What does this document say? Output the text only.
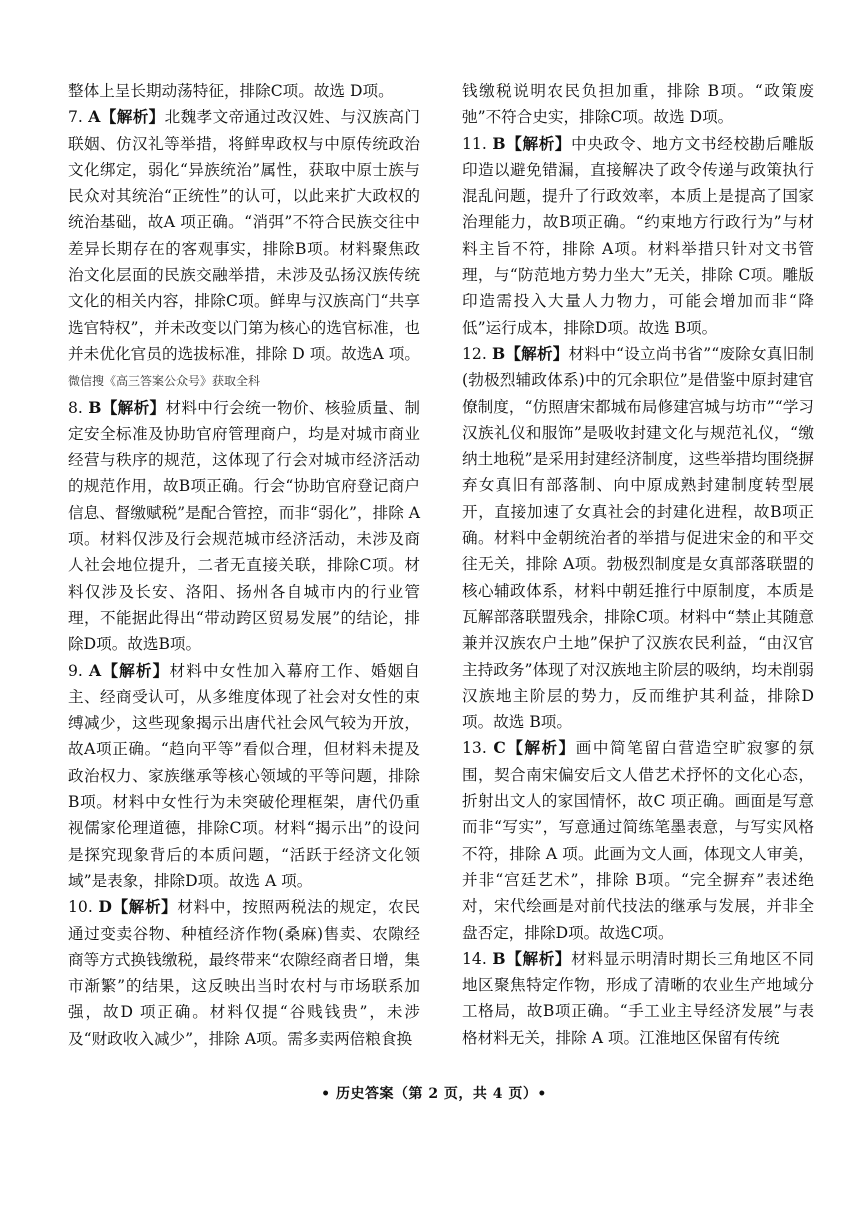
整体上呈长期动荡特征，排除C项。故选 D项。

7. A【解析】北魏孝文帝通过改汉姓、与汉族高门联姻、仿汉礼等举措，将鲜卑政权与中原传统政治文化绑定，弱化“异族统治”属性，获取中原士族与民众对其统治“正统性”的认可，以此来扩大政权的统治基础，故A 项正确。“消弭”不符合民族交往中差异长期存在的客观事实，排除B项。材料聚焦政治文化层面的民族交融举措，未涉及弘扬汉族传统文化的相关内容，排除C项。鲜卑与汉族高门“共享选官特权”，并未改变以门第为核心的选官标准，也并未优化官员的选拔标准，排除 D 项。故选A 项。微信搜《高三答案公众号》获取全科

8. B【解析】材料中行会统一物价、核验质量、制定安全标准及协助官府管理商户，均是对城市商业经营与秩序的规范，这体现了行会对城市经济活动的规范作用，故B项正确。行会“协助官府登记商户信息、督缴赋税”是配合管控，而非“弱化”，排除 A项。材料仅涉及行会规范城市经济活动，未涉及商人社会地位提升，二者无直接关联，排除C项。材料仅涉及长安、洛阳、扬州各自城市内的行业管理，不能据此得出“带动跨区贸易发展”的结论，排除D项。故选B项。

9. A【解析】材料中女性加入幕府工作、婚姻自主、经商受认可，从多维度体现了社会对女性的束缚减少，这些现象揭示出唐代社会风气较为开放，故A项正确。“趋向平等”看似合理，但材料未提及政治权力、家族继承等核心领域的平等问题，排除B项。材料中女性行为未突破伦理框架，唐代仍重视儒家伦理道德，排除C项。材料“揭示出”的设问是探究现象背后的本质问题，“活跃于经济文化领域”是表象，排除D项。故选 A 项。

10. D【解析】材料中，按照两税法的规定，农民通过变卖谷物、种植经济作物(桑麻)售卖、农隙经商等方式换钱缴税，最终带来“农隙经商者日增，集市渐繁”的结果，这反映出当时农村与市场联系加强，故D 项正确。材料仅提“谷贱钱贵”，未涉及“财政收入减少”，排除 A项。需多卖两倍粮食换

钱缴税说明农民负担加重，排除 B项。“政策废弛”不符合史实，排除C项。故选 D项。

11. B【解析】中央政令、地方文书经校勘后雕版印造以避免错漏，直接解决了政令传递与政策执行混乱问题，提升了行政效率，本质上是提高了国家治理能力，故B项正确。“约束地方行政行为”与材料主旨不符，排除 A项。材料举措只针对文书管理，与“防范地方势力坐大”无关，排除 C项。雕版印造需投入大量人力物力，可能会增加而非“降低”运行成本，排除D项。故选 B项。

12. B【解析】材料中“设立尚书省”“废除女真旧制(勃极烈辅政体系)中的冗余职位”是借鉴中原封建官僚制度，“仿照唐宋都城布局修建宫城与坊市”“学习汉族礼仪和服饰”是吸收封建文化与规范礼仪，“缴纳土地税”是采用封建经济制度，这些举措均围绕摒弃女真旧有部落制、向中原成熟封建制度转型展开，直接加速了女真社会的封建化进程，故B项正确。材料中金朝统治者的举措与促进宋金的和平交往无关，排除 A项。勃极烈制度是女真部落联盟的核心辅政体系，材料中朝廷推行中原制度，本质是瓦解部落联盟残余，排除C项。材料中“禁止其随意兼并汉族农户土地”保护了汉族农民利益，“由汉官主持政务”体现了对汉族地主阶层的吸纳，均未削弱汉族地主阶层的势力，反而维护其利益，排除D项。故选 B项。

13. C【解析】画中简笔留白营造空旷寂寥的氛围，契合南宋偏安后文人借艺术抒怀的文化心态，折射出文人的家国情怀，故C 项正确。画面是写意而非“写实”，写意通过简练笔墨表意，与写实风格不符，排除 A 项。此画为文人画，体现文人审美，并非“宫廷艺术”，排除 B项。“完全摒弃”表述绝对，宋代绘画是对前代技法的继承与发展，并非全盘否定，排除D项。故选C项。

14. B【解析】材料显示明清时期长三角地区不同地区聚焦特定作物，形成了清晰的农业生产地域分工格局，故B项正确。“手工业主导经济发展”与表格材料无关，排除 A 项。江淮地区保留有传统

• 历史答案（第 2 页，共 4 页）•
